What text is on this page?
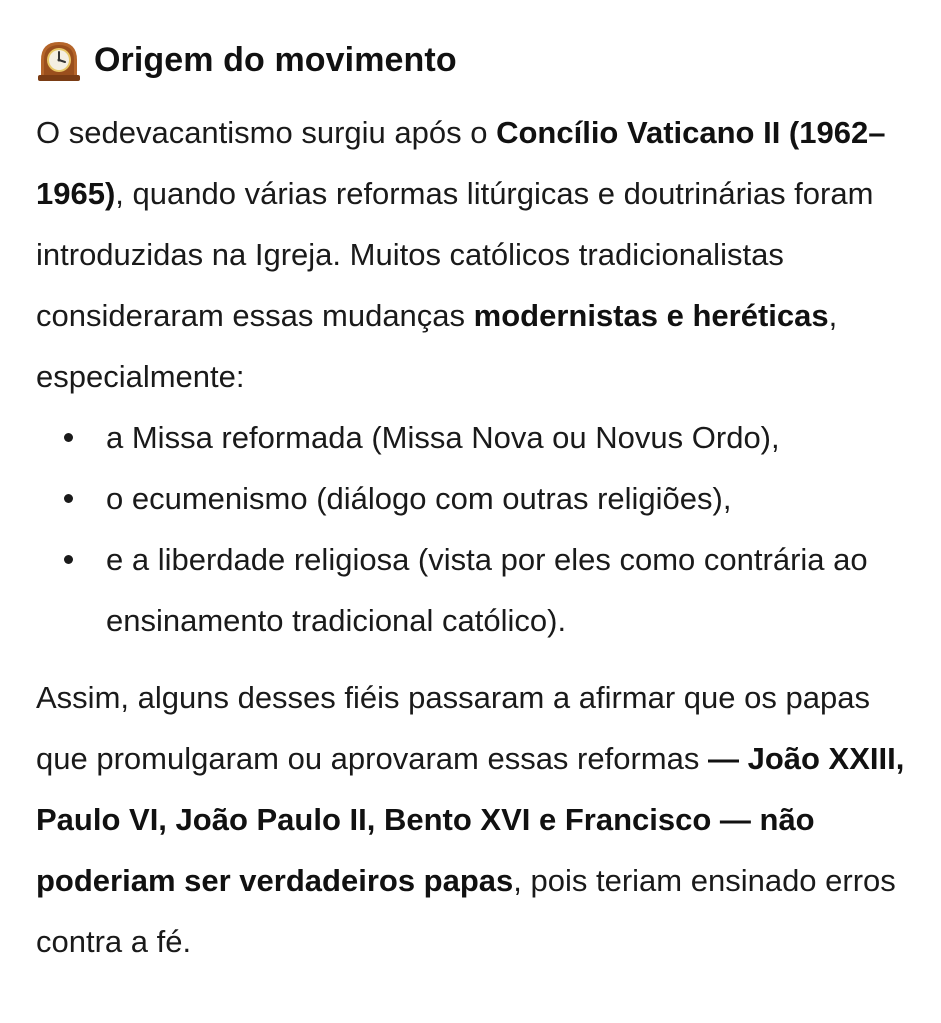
Origem do movimento

O sedevacantismo surgiu após o Concílio Vaticano II (1962–1965), quando várias reformas litúrgicas e doutrinárias foram introduzidas na Igreja. Muitos católicos tradicionalistas consideraram essas mudanças modernistas e heréticas, especialmente:

a Missa reformada (Missa Nova ou Novus Ordo),
o ecumenismo (diálogo com outras religiões),
e a liberdade religiosa (vista por eles como contrária ao ensinamento tradicional católico).

Assim, alguns desses fiéis passaram a afirmar que os papas que promulgaram ou aprovaram essas reformas — João XXIII, Paulo VI, João Paulo II, Bento XVI e Francisco — não poderiam ser verdadeiros papas, pois teriam ensinado erros contra a fé.
